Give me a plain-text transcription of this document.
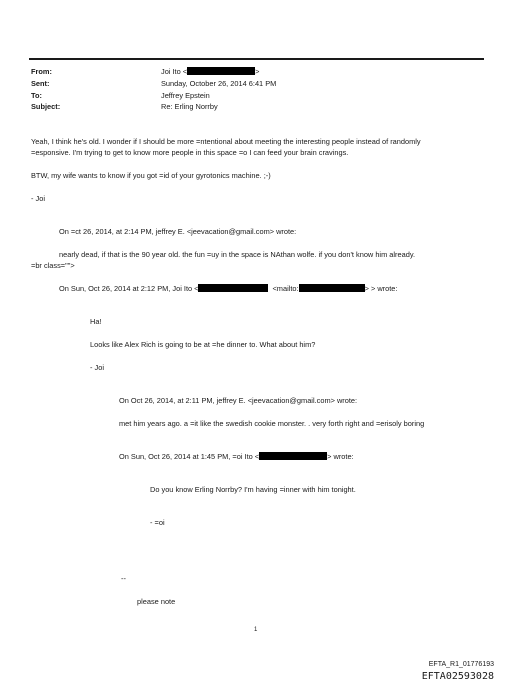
From:	Joi Ito <	>
Sent:	Sunday, October 26, 2014 6:41 PM
To:	Jeffrey Epstein
Subject:	Re: Erling Norrby
Yeah, I think he's old. I wonder if I should be more =ntentional about meeting the interesting people instead of randomly
=esponsive. I'm trying to get to know more people in this space =o I can feed your brain cravings.
BTW, my wife wants to know if you got =id of your gyrotonics machine. ;-)
- Joi
On =ct 26, 2014, at 2:14 PM, jeffrey E. <jeevacation@gmail.com> wrote:
nearly dead, if that is the 90 year old. the fun =uy in the space is NAthan wolfe. if you don't know him already.
=br class="">
On Sun, Oct 26, 2014 at 2:12 PM, Joi Ito <	<mailto:	> > wrote:
Ha!
Looks like Alex Rich is going to be at =he dinner to. What about him?
- Joi
On Oct 26, 2014, at 2:11 PM, jeffrey E. <jeevacation@gmail.com> wrote:
met him years ago. a =it like the swedish cookie monster. . very forth right and =erisoly boring
On Sun, Oct 26, 2014 at 1:45 PM, =oi Ito <	> wrote:
Do you know Erling Norrby? I'm having =inner with him tonight.
- =oi
--
please note
1
EFTA_R1_01776193
EFTA02593028
